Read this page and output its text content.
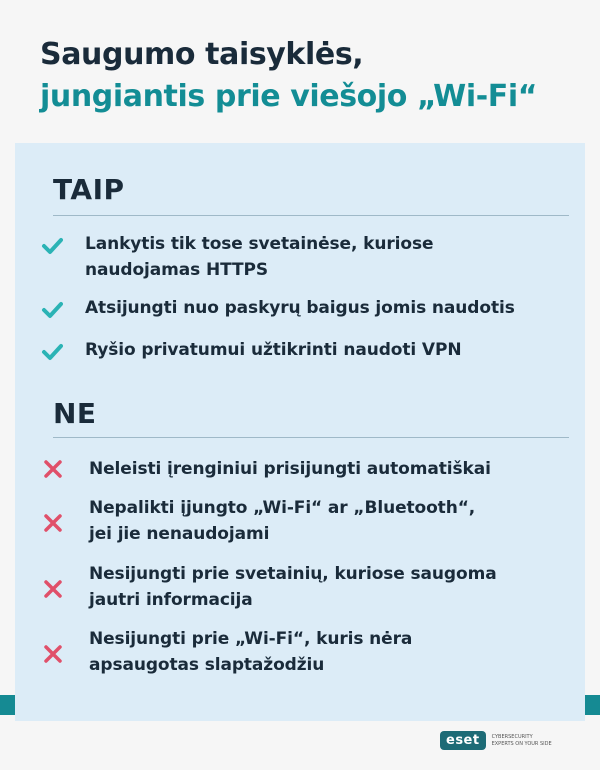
Saugumo taisyklės,
jungiantis prie viešojo „Wi-Fi“
TAIP
Lankytis tik tose svetainėse, kuriose
naudojamas HTTPS
Atsijungti nuo paskyrų baigus jomis naudotis
Ryšio privatumui užtikrinti naudoti VPN
NE
Neleisti įrenginiui prisijungti automatiškai
Nepalikti įjungto „Wi-Fi“ ar „Bluetooth“,
jei jie nenaudojami
Nesijungti prie svetainių, kuriose saugoma
jautri informacija
Nesijungti prie „Wi-Fi“, kuris nėra
apsaugotas slaptažodžiu
eset CYBERSECURITY
EXPERTS ON YOUR SIDE
